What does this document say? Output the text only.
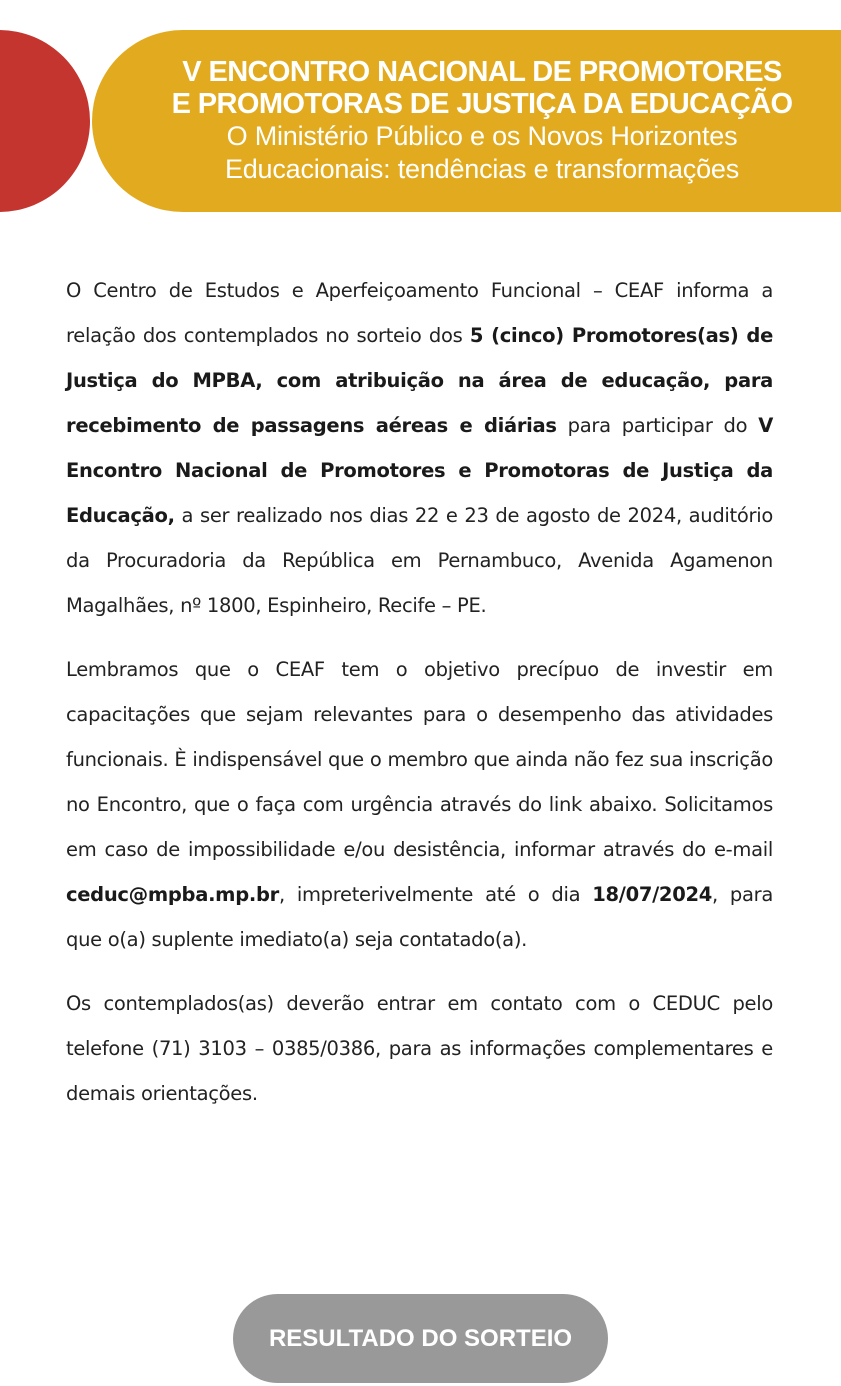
V ENCONTRO NACIONAL DE PROMOTORES
E PROMOTORAS DE JUSTIÇA DA EDUCAÇÃO
O Ministério Público e os Novos Horizontes
Educacionais: tendências e transformações

O Centro de Estudos e Aperfeiçoamento Funcional – CEAF informa a relação dos contemplados no sorteio dos 5 (cinco) Promotores(as) de Justiça do MPBA, com atribuição na área de educação, para recebimento de passagens aéreas e diárias para participar do V Encontro Nacional de Promotores e Promotoras de Justiça da Educação, a ser realizado nos dias 22 e 23 de agosto de 2024, auditório da Procuradoria da República em Pernambuco, Avenida Agamenon Magalhães, nº 1800, Espinheiro, Recife – PE.

Lembramos que o CEAF tem o objetivo precípuo de investir em capacitações que sejam relevantes para o desempenho das atividades funcionais. È indispensável que o membro que ainda não fez sua inscrição no Encontro, que o faça com urgência através do link abaixo. Solicitamos em caso de impossibilidade e/ou desistência, informar através do e-mail ceduc@mpba.mp.br, impreterivelmente até o dia 18/07/2024, para que o(a) suplente imediato(a) seja contatado(a).

Os contemplados(as) deverão entrar em contato com o CEDUC pelo telefone (71) 3103 – 0385/0386, para as informações complementares e demais orientações.

RESULTADO DO SORTEIO
